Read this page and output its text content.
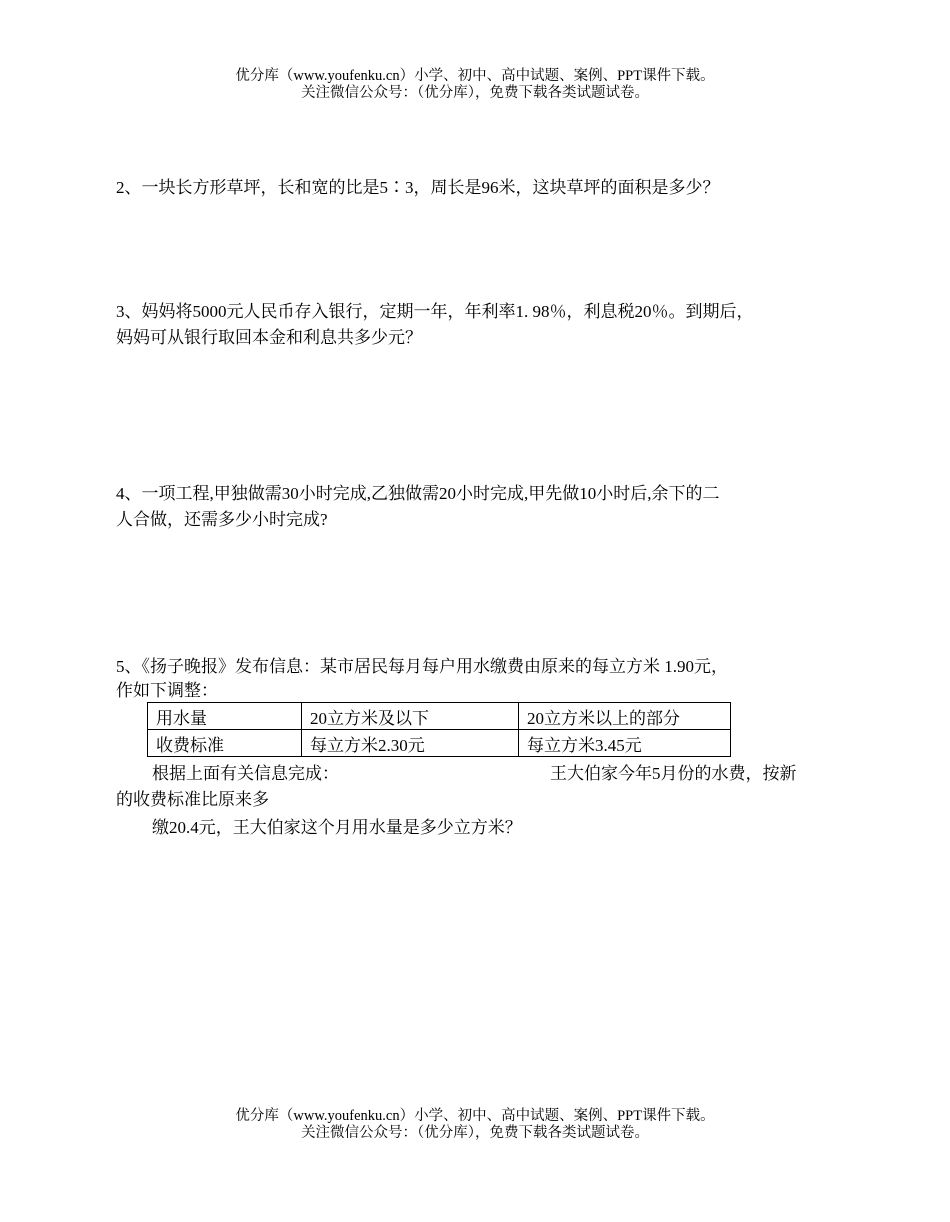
优分库（www.youfenku.cn）小学、初中、高中试题、案例、PPT课件下载。
关注微信公众号：（优分库），免费下载各类试题试卷。
2、一块长方形草坪，长和宽的比是5∶3，周长是96米，这块草坪的面积是多少？
3、妈妈将5000元人民币存入银行，定期一年，年利率1. 98％，利息税20％。到期后，
妈妈可从银行取回本金和利息共多少元？
4、一项工程,甲独做需30小时完成,乙独做需20小时完成,甲先做10小时后,余下的二
人合做，还需多少小时完成?
5、《扬子晚报》发布信息：某市居民每月每户用水缴费由原来的每立方米 1.90元，
作如下调整：
用水量	20立方米及以下	20立方米以上的部分
收费标准	每立方米2.30元	每立方米3.45元
根据上面有关信息完成：	王大伯家今年5月份的水费，按新
的收费标准比原来多
缴20.4元，王大伯家这个月用水量是多少立方米？
优分库（www.youfenku.cn）小学、初中、高中试题、案例、PPT课件下载。
关注微信公众号：（优分库），免费下载各类试题试卷。
